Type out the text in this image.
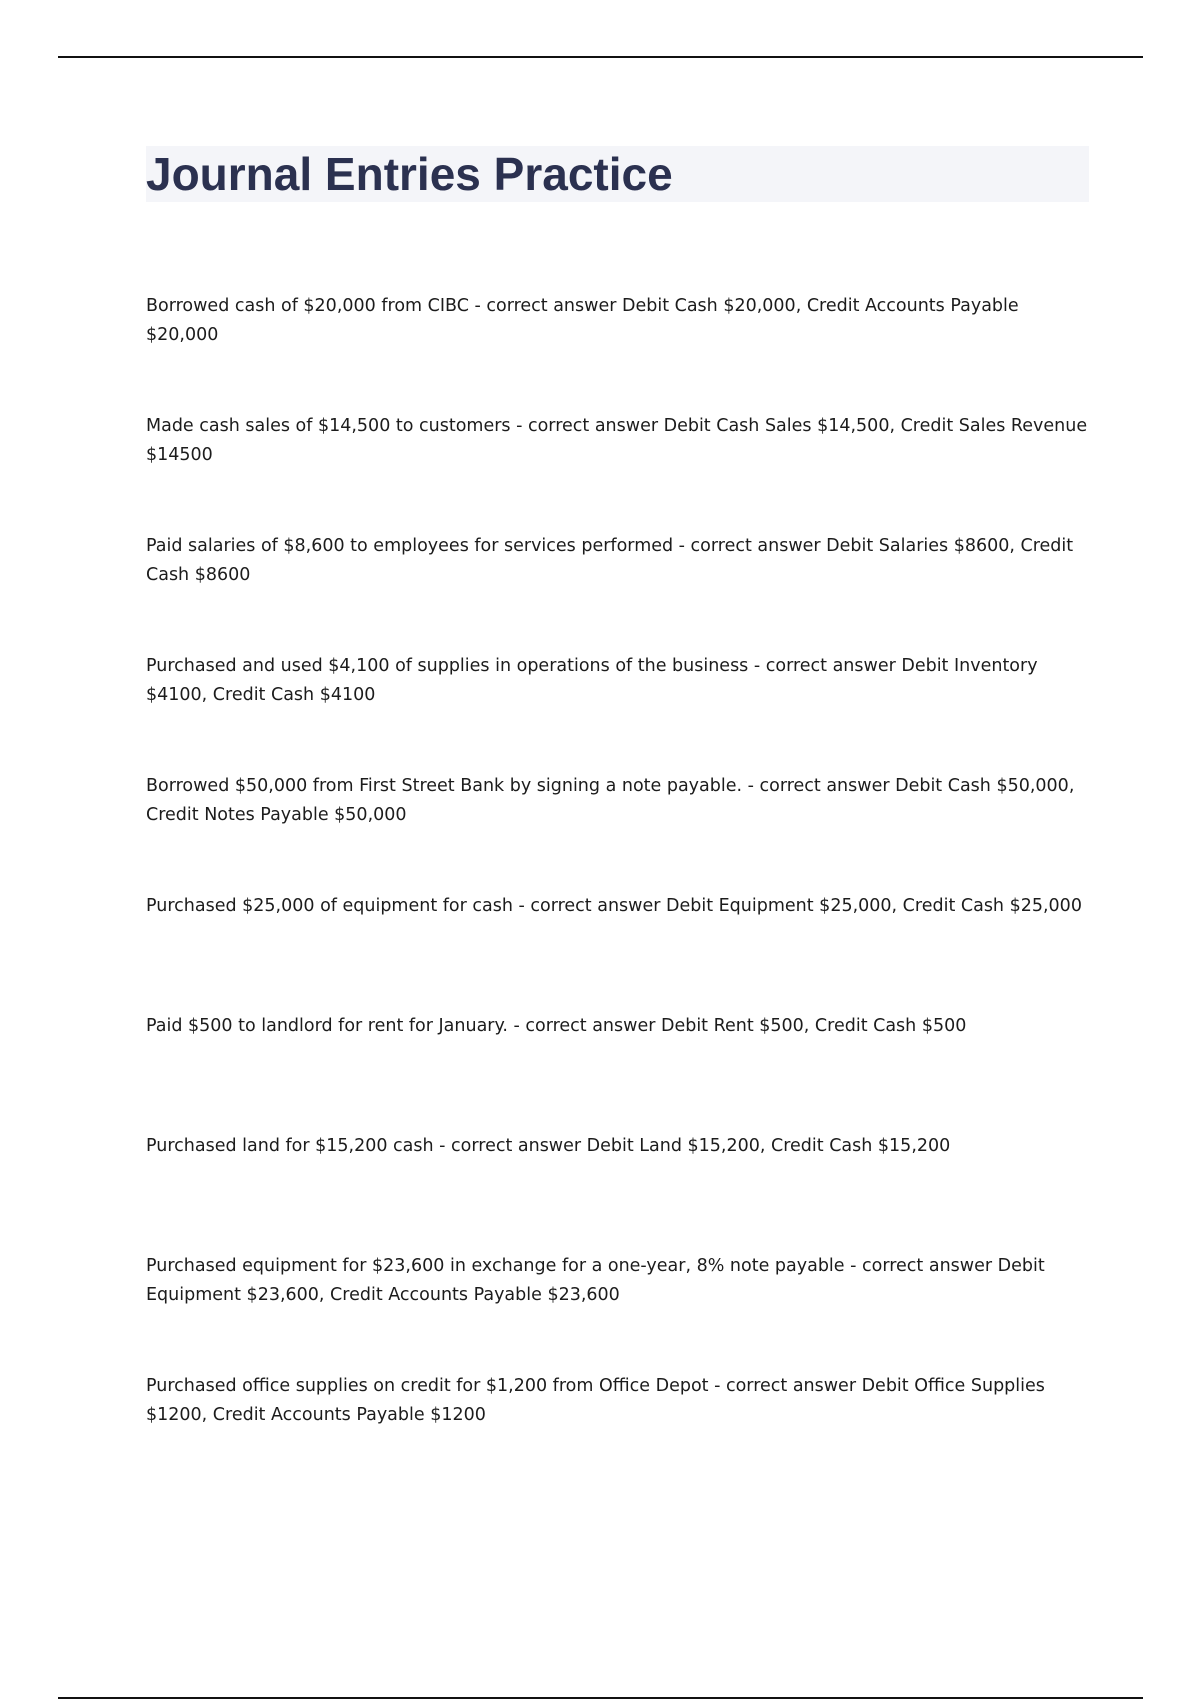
Journal Entries Practice

Borrowed cash of $20,000 from CIBC - correct answer Debit Cash $20,000, Credit Accounts Payable $20,000

Made cash sales of $14,500 to customers - correct answer Debit Cash Sales $14,500, Credit Sales Revenue $14500

Paid salaries of $8,600 to employees for services performed - correct answer Debit Salaries $8600, Credit Cash $8600

Purchased and used $4,100 of supplies in operations of the business - correct answer Debit Inventory $4100, Credit Cash $4100

Borrowed $50,000 from First Street Bank by signing a note payable. - correct answer Debit Cash $50,000, Credit Notes Payable $50,000

Purchased $25,000 of equipment for cash - correct answer Debit Equipment $25,000, Credit Cash $25,000

Paid $500 to landlord for rent for January. - correct answer Debit Rent $500, Credit Cash $500

Purchased land for $15,200 cash - correct answer Debit Land $15,200, Credit Cash $15,200

Purchased equipment for $23,600 in exchange for a one-year, 8% note payable - correct answer Debit Equipment $23,600, Credit Accounts Payable $23,600

Purchased office supplies on credit for $1,200 from Office Depot - correct answer Debit Office Supplies $1200, Credit Accounts Payable $1200
